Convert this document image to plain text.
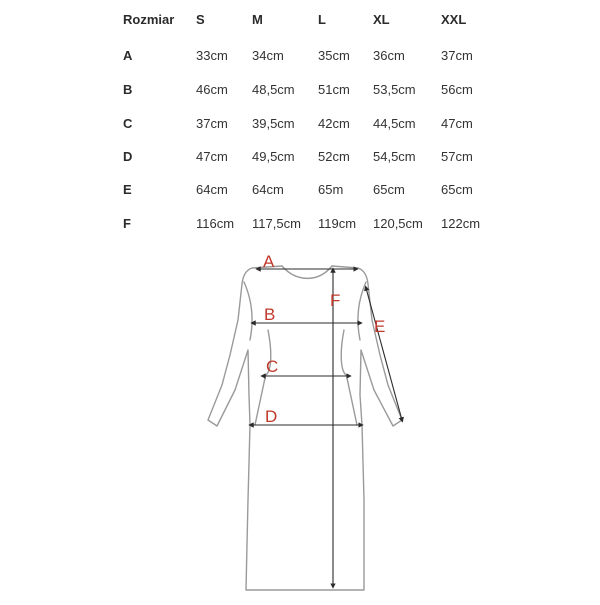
Rozmiar S	M	L	XL	XXL
A	33cm 34cm	35cm 36cm	37cm
B	46cm 48,5cm 51cm 53,5cm 56cm
C	37cm 39,5cm 42cm 44,5cm 47cm
D	47cm 49,5cm 52cm 54,5cm 57cm
E	64cm 64cm	65m 65cm	65cm
F	116cm 117,5cm 119cm 120,5cm 122cm
A
B
C
D
E
F
